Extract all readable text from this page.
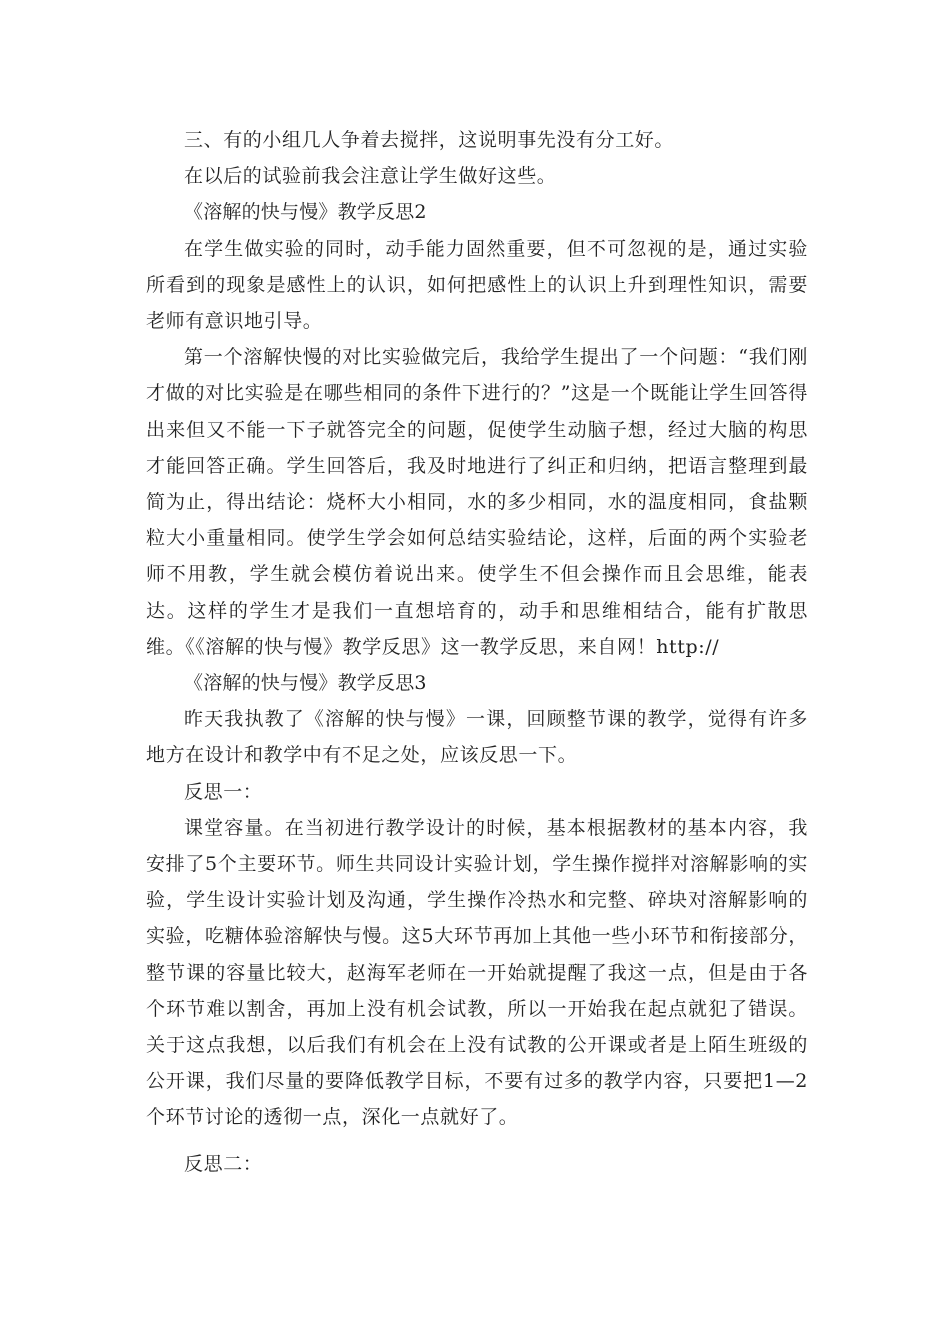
三、有的小组几人争着去搅拌，这说明事先没有分工好。

在以后的试验前我会注意让学生做好这些。

《溶解的快与慢》教学反思2

在学生做实验的同时，动手能力固然重要，但不可忽视的是，通过实验所看到的现象是感性上的认识，如何把感性上的认识上升到理性知识，需要老师有意识地引导。

第一个溶解快慢的对比实验做完后，我给学生提出了一个问题：“我们刚才做的对比实验是在哪些相同的条件下进行的？”这是一个既能让学生回答得出来但又不能一下子就答完全的问题，促使学生动脑子想，经过大脑的构思才能回答正确。学生回答后，我及时地进行了纠正和归纳，把语言整理到最简为止，得出结论：烧杯大小相同，水的多少相同，水的温度相同，食盐颗粒大小重量相同。使学生学会如何总结实验结论，这样，后面的两个实验老师不用教，学生就会模仿着说出来。使学生不但会操作而且会思维，能表达。这样的学生才是我们一直想培育的，动手和思维相结合，能有扩散思维。《《溶解的快与慢》教学反思》这一教学反思，来自网！http://

《溶解的快与慢》教学反思3

昨天我执教了《溶解的快与慢》一课，回顾整节课的教学，觉得有许多地方在设计和教学中有不足之处，应该反思一下。

反思一：

课堂容量。在当初进行教学设计的时候，基本根据教材的基本内容，我安排了5个主要环节。师生共同设计实验计划，学生操作搅拌对溶解影响的实验，学生设计实验计划及沟通，学生操作冷热水和完整、碎块对溶解影响的实验，吃糖体验溶解快与慢。这5大环节再加上其他一些小环节和衔接部分，整节课的容量比较大，赵海军老师在一开始就提醒了我这一点，但是由于各个环节难以割舍，再加上没有机会试教，所以一开始我在起点就犯了错误。关于这点我想，以后我们有机会在上没有试教的公开课或者是上陌生班级的公开课，我们尽量的要降低教学目标，不要有过多的教学内容，只要把1—2个环节讨论的透彻一点，深化一点就好了。

反思二：
